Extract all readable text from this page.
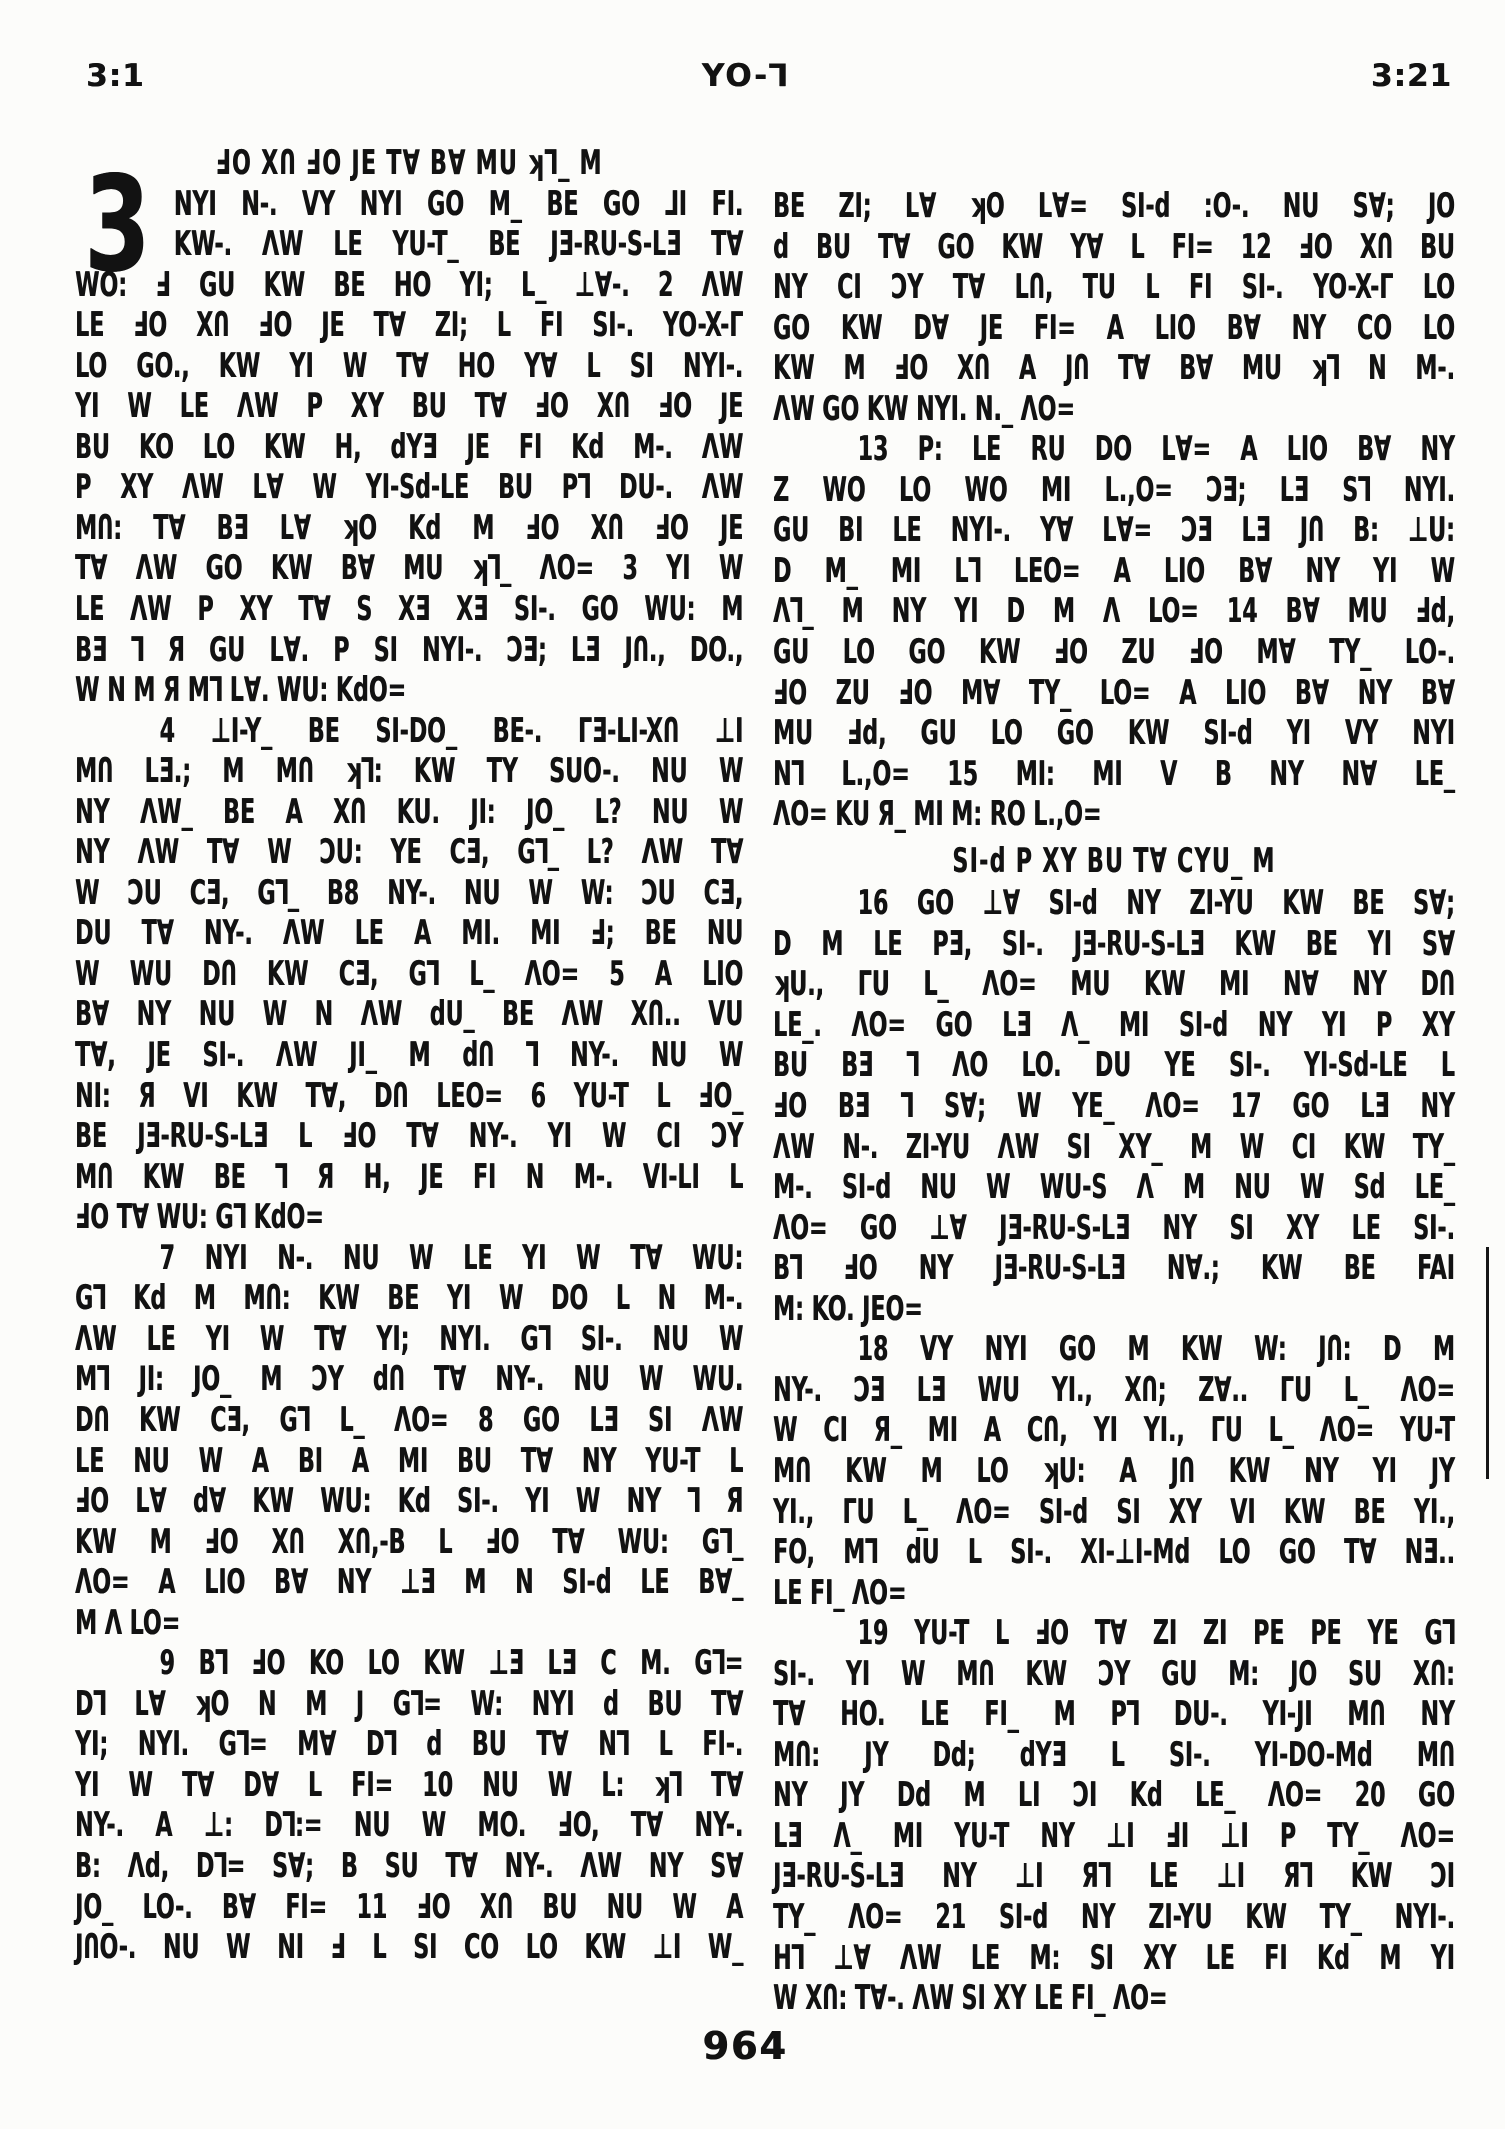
3:1	YO-⅂	3:21
3	ℲO XՈ ℲO JE T∀ B∀ MU ʞ⅂_ M
NYI N-. VY NYI GO M_ BE GO ⅃I FI.
KW-. ΛW LE YU-T_ BE JƎ-RU-S-LƎ T∀
WO: Ⅎ GU KW BE HO YI; L_ ⊥∀-. 2 ΛW
LE ℲO XՈ ℲO JE T∀ ZI; L FI SI-. YO-X-Γ
LO GO., KW YI W T∀ HO Y∀ L SI NYI-.
YI W LE ΛW P XY BU T∀ ℲO XՈ ℲO JE
BU KO LO KW H, dYƎ JE FI Kd M-. ΛW
P XY ΛW L∀ W YI-Sd-LE BU P⅂ DU-. ΛW
MՈ: T∀ BƎ L∀ ʞO Kd M ℲO XՈ ℲO JE
T∀ ΛW GO KW B∀ MU ʞ⅂_ ΛO= 3 YI W
LE ΛW P XY T∀ S XƎ XƎ SI-. GO WU: M
BƎ ⅂ Я GU L∀. P SI NYI-. ƆƎ; LƎ JՈ., DO.,
W N M Я M⅂ L∀. WU: KdO=
4 ⊥I-Y_ BE SI-DO_ BE-. ΓƎ-LI-XՈ ⊥I
MՈ LƎ.; M MՈ ʞ⅂: KW TY SUO-. NU W
NY ΛW_ BE A XՈ KU. JI: JO_ L? NU W
NY ΛW T∀ W ƆU: YE CƎ, G⅂_ L? ΛW T∀
W ƆU CƎ, G⅂_ B8 NY-. NU W W: ƆU CƎ,
DU T∀ NY-. ΛW LE A MI. MI Ⅎ; BE NU
W WU DՈ KW CƎ, G⅂ L_ ΛO= 5 A LIO
B∀ NY NU W N ΛW dU_ BE ΛW XՈ.. VU
T∀, JE SI-. ΛW JI_ M dՈ ⅂ NY-. NU W
NI: Я VI KW T∀, DՈ LEO= 6 YU-T L ℲO_
BE JƎ-RU-S-LƎ L ℲO T∀ NY-. YI W CI ƆY
MՈ KW BE ⅂ Я H, JE FI N M-. VI-LI L
ℲO T∀ WU: G⅂ KdO=
7 NYI N-. NU W LE YI W T∀ WU:
G⅂ Kd M MՈ: KW BE YI W DO L N M-.
ΛW LE YI W T∀ YI; NYI. G⅂ SI-. NU W
M⅂ JI: JO_ M ƆY dՈ T∀ NY-. NU W WU.
DՈ KW CƎ, G⅂ L_ ΛO= 8 GO LƎ SI ΛW
LE NU W A BI A MI BU T∀ NY YU-T L
ℲO L∀ d∀ KW WU: Kd SI-. YI W NY ⅂ Я
KW M ℲO XՈ XՈ,-B L ℲO T∀ WU: G⅂_
ΛO= A LIO B∀ NY ⊥Ǝ M N SI-d LE B∀_
M Λ LO=
9 B⅂ ℲO KO LO KW ⊥Ǝ LƎ C M. G⅂=
D⅂ L∀ ʞO N M J G⅂= W: NYI d BU T∀
YI; NYI. G⅂= M∀ D⅂ d BU T∀ N⅂ L FI-.
YI W T∀ D∀ L FI= 10 NU W L: ʞ⅂ T∀
NY-. A ⊥: D⅂:= NU W MO. ℲO, T∀ NY-.
B: Λd, D⅂= S∀; B SU T∀ NY-. ΛW NY S∀
JO_ LO-. B∀ FI= 11 ℲO XՈ BU NU W A
JՈO-. NU W NI Ⅎ L SI CO LO KW ⊥I W_
BE ZI; L∀ ʞO L∀= SI-d :O-. NU S∀; JO
d BU T∀ GO KW Y∀ L FI= 12 ℲO XՈ BU
NY CI ƆY T∀ LՈ, TU L FI SI-. YO-X-Γ LO
GO KW D∀ JE FI= A LIO B∀ NY CO LO
KW M ℲO XՈ A JՈ T∀ B∀ MU ʞ⅂ N M-.
ΛW GO KW NYI. N._ ΛO=
13 P: LE RU DO L∀= A LIO B∀ NY
Z WO LO WO MI L.,O= ƆƎ; LƎ S⅂ NYI.
GU BI LE NYI-. Y∀ L∀= ƆƎ LƎ JՈ B: ⊥U:
D M_ MI L⅂ LEO= A LIO B∀ NY YI W
Λ⅂_ M NY YI D M Λ LO= 14 B∀ MU Ⅎd,
GU LO GO KW ℲO ZU ℲO M∀ TY_ LO-.
ℲO ZU ℲO M∀ TY_ LO= A LIO B∀ NY B∀
MU Ⅎd, GU LO GO KW SI-d YI VY NYI
N⅂ L.,O= 15 MI: MI V B NY N∀ LE_
ΛO= KU Я_ MI M: RO L.,O=
SI-d P XY BU T∀ CYU_ M
16 GO ⊥∀ SI-d NY ZI-YU KW BE S∀;
D M LE PƎ, SI-. JƎ-RU-S-LƎ KW BE YI S∀
ʞU., ΓU L_ ΛO= MU KW MI N∀ NY DՈ
LE_. ΛO= GO LƎ Λ_ MI SI-d NY YI P XY
BU BƎ ⅂ ΛO LO. DU YE SI-. YI-Sd-LE L
ℲO BƎ ⅂ S∀; W YE_ ΛO= 17 GO LƎ NY
ΛW N-. ZI-YU ΛW SI XY_ M W CI KW TY_
M-. SI-d NU W WU-S Λ M NU W Sd LE_
ΛO= GO ⊥∀ JƎ-RU-S-LƎ NY SI XY LE SI-.
B⅂ ℲO NY JƎ-RU-S-LƎ N∀.; KW BE FAI
M: KO. JEO=
18 VY NYI GO M KW W: JՈ: D M
NY-. ƆƎ LƎ WU YI., XՈ; Z∀.. ΓU L_ ΛO=
W CI Я_ MI A CՈ, YI YI., ΓU L_ ΛO= YU-T
MՈ KW M LO ʞU: A JՈ KW NY YI JY
YI., ΓU L_ ΛO= SI-d SI XY VI KW BE YI.,
FO, M⅂ dU L SI-. XI-⊥I-Md LO GO T∀ NƎ..
LE FI_ ΛO=
19 YU-T L ℲO T∀ ZI ZI PE PE YE G⅂
SI-. YI W MՈ KW ƆY GU M: JO SU XՈ:
T∀ HO. LE FI_ M P⅂ DU-. YI-JI MՈ NY
MՈ: JY Dd; dYƎ L SI-. YI-DO-Md MՈ
NY JY Dd M LI ƆI Kd LE_ ΛO= 20 GO
LƎ Λ_ MI YU-T NY ⊥I ℲI ⊥I P TY_ ΛO=
JƎ-RU-S-LƎ NY ⊥I Я⅂ LE ⊥I Я⅂ KW ƆI
TY_ ΛO= 21 SI-d NY ZI-YU KW TY_ NYI-.
H⅂ ⊥∀ ΛW LE M: SI XY LE FI Kd M YI
W XՈ: T∀-. ΛW SI XY LE FI_ ΛO=
964
